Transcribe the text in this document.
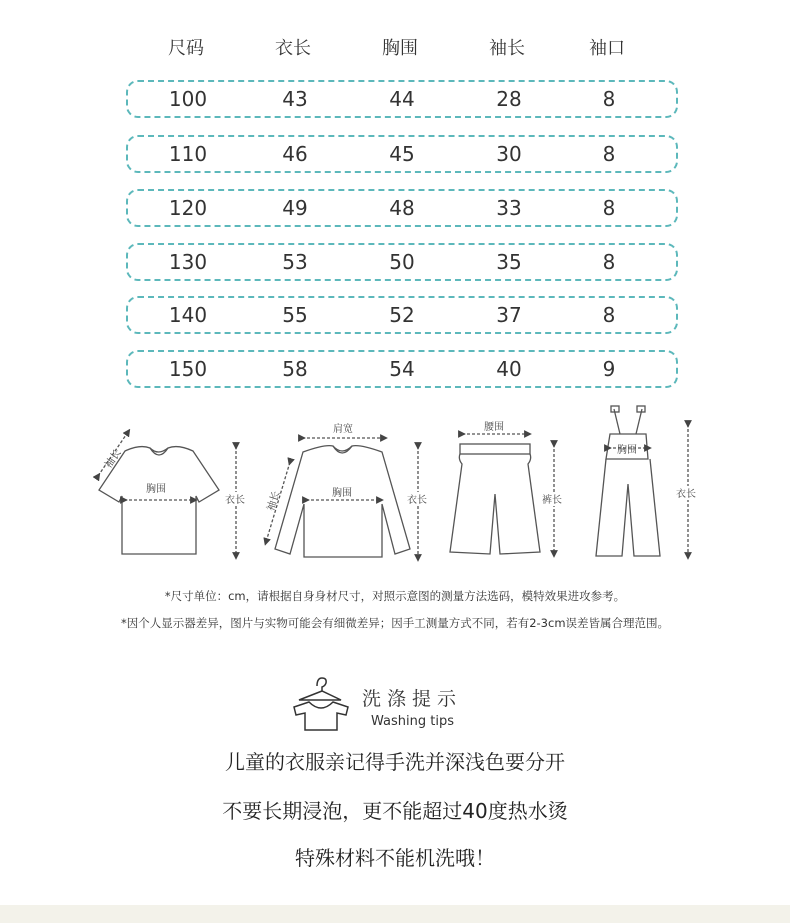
尺码	衣长	胸围	袖长	袖口
100	43	44	28	8
110	46	45	30	8
120	49	48	33	8
130	53	50	35	8
140	55	52	37	8
150	58	54	40	9
袖长
胸围
衣长
肩宽
袖长	胸围
衣长
腰围
裤长
胸围
衣长
*尺寸单位：cm，请根据自身身材尺寸，对照示意图的测量方法选码，模特效果进攻参考。
*因个人显示器差异，图片与实物可能会有细微差异；因手工测量方式不同，若有2-3cm误差皆属合理范围。
洗涤提示
Washing tips
儿童的衣服亲记得手洗并深浅色要分开
不要长期浸泡，更不能超过40度热水烫
特殊材料不能机洗哦！
